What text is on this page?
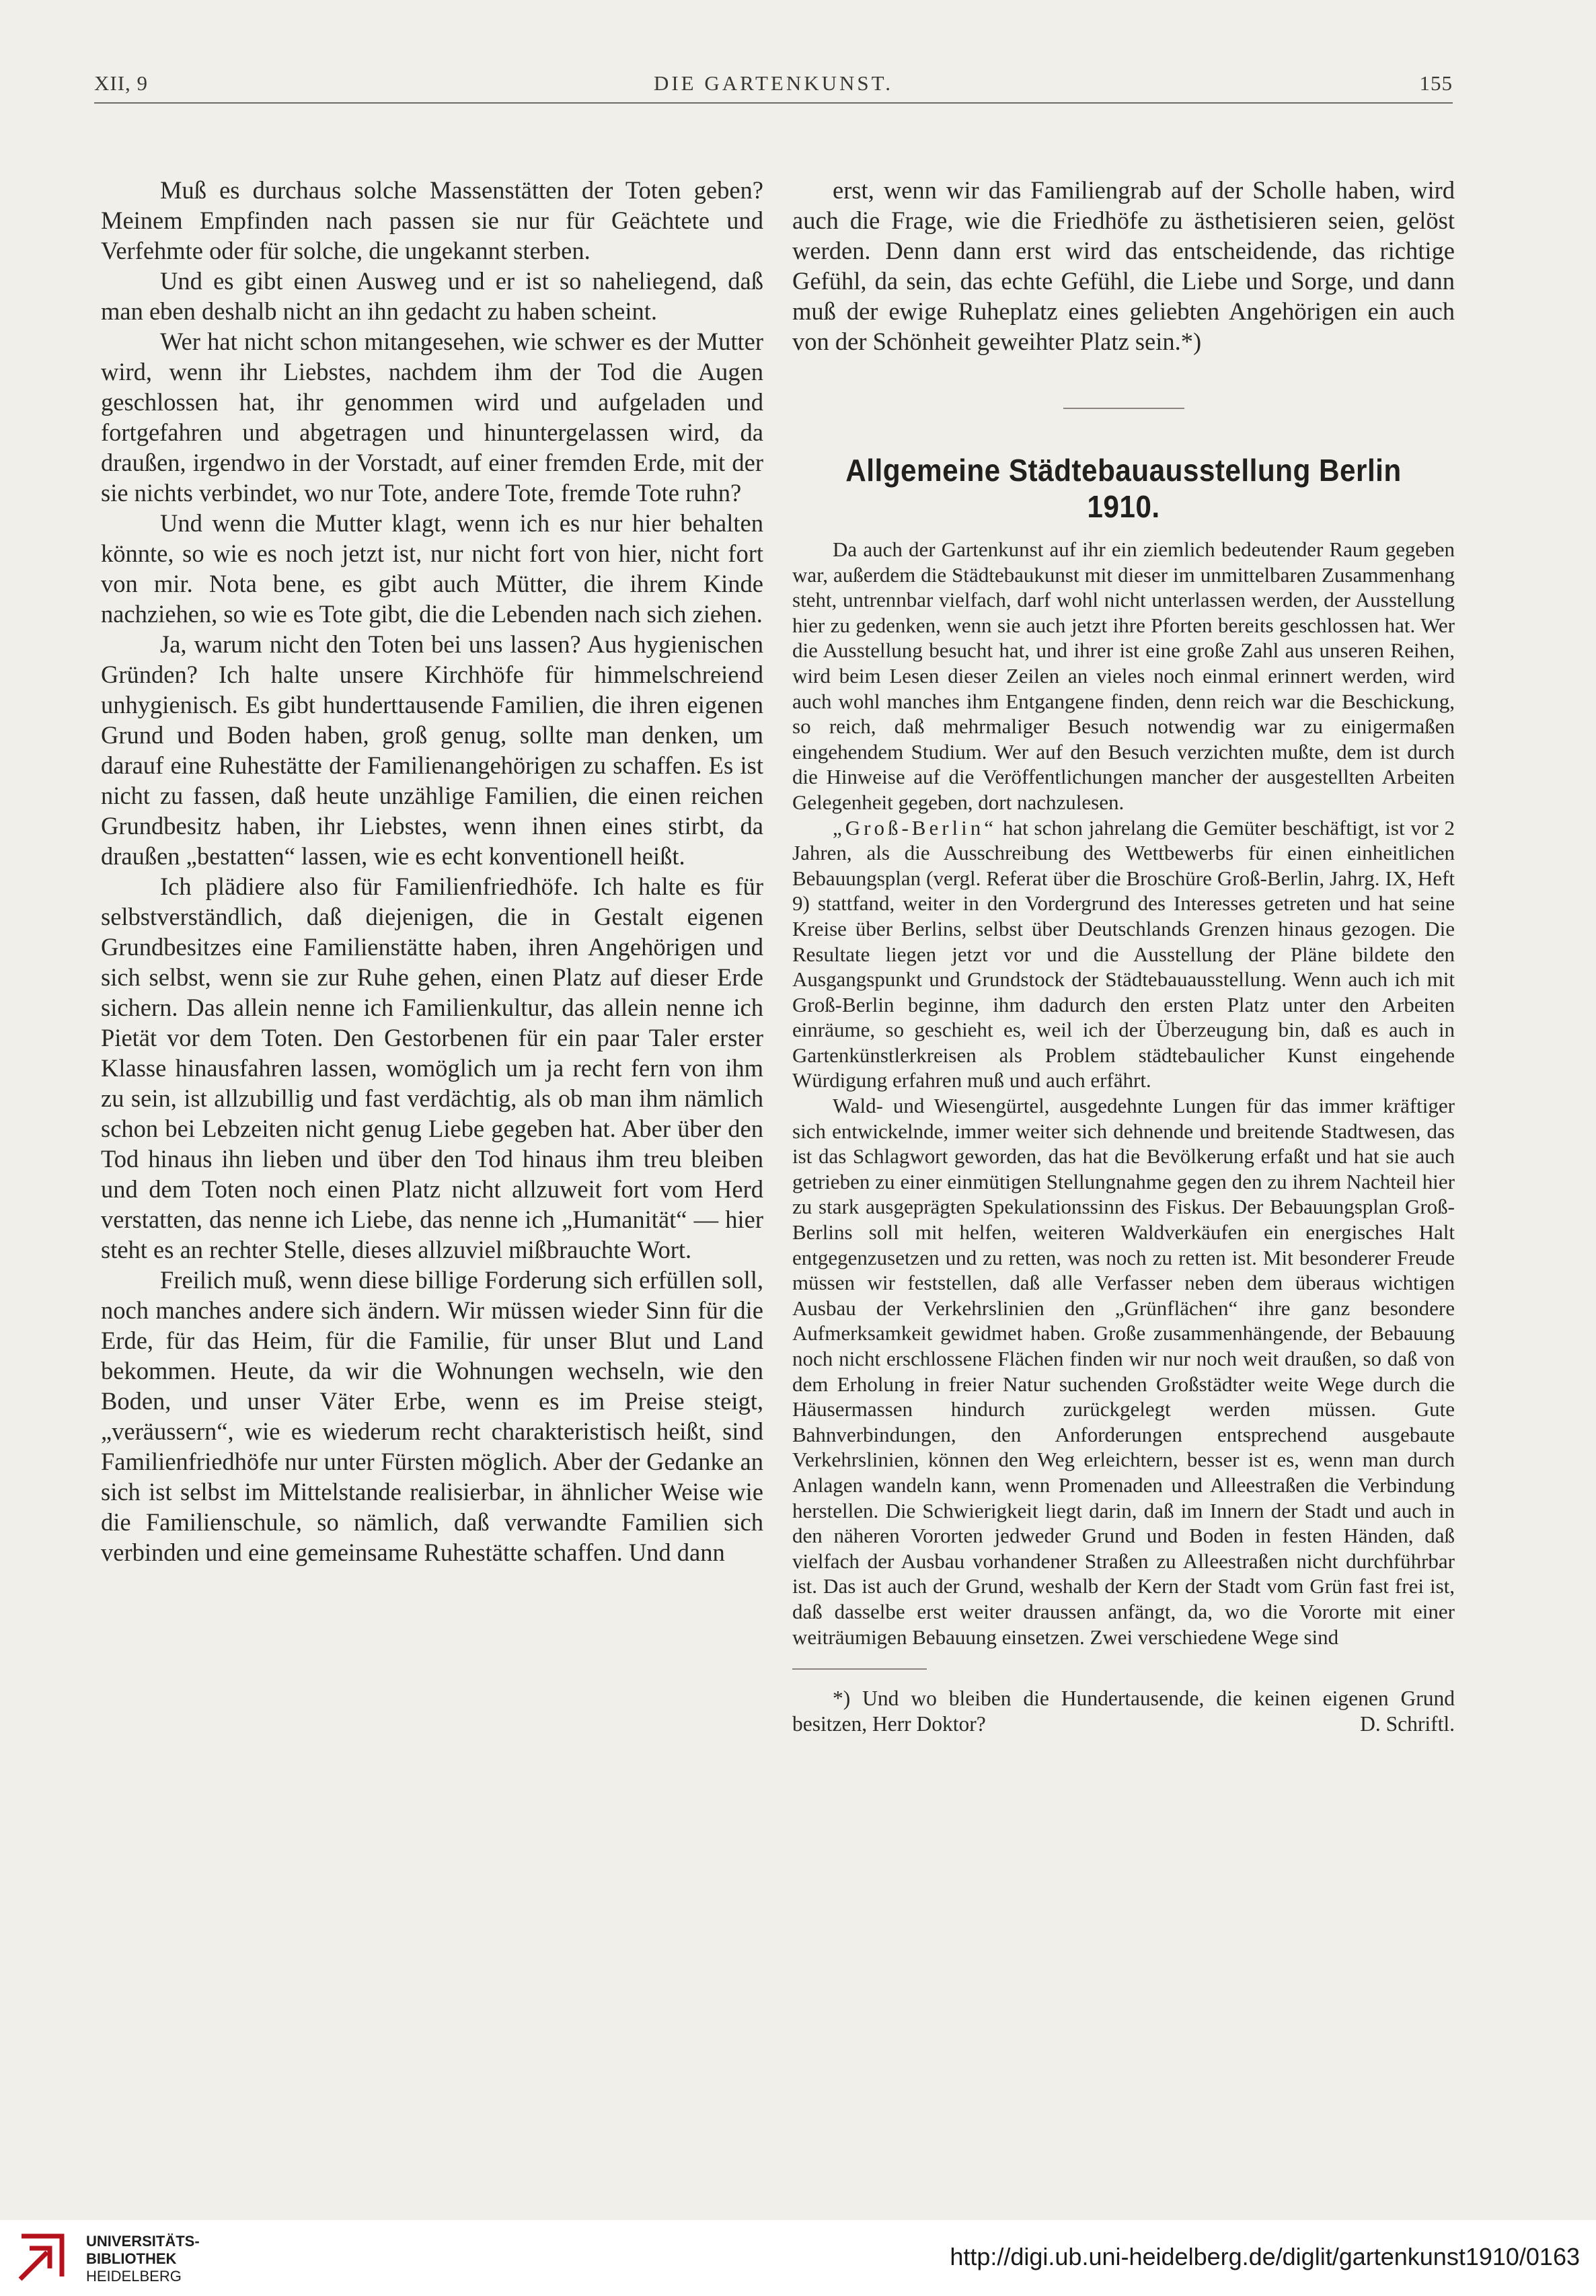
XII, 9	DIE GARTENKUNST.	155

Muß es durchaus solche Massenstätten der Toten geben? Meinem Empfinden nach passen sie nur für Geächtete und Verfehmte oder für solche, die ungekannt sterben.

Und es gibt einen Ausweg und er ist so naheliegend, daß man eben deshalb nicht an ihn gedacht zu haben scheint.

Wer hat nicht schon mitangesehen, wie schwer es der Mutter wird, wenn ihr Liebstes, nachdem ihm der Tod die Augen geschlossen hat, ihr genommen wird und aufgeladen und fortgefahren und abgetragen und hinuntergelassen wird, da draußen, irgendwo in der Vorstadt, auf einer fremden Erde, mit der sie nichts verbindet, wo nur Tote, andere Tote, fremde Tote ruhn?

Und wenn die Mutter klagt, wenn ich es nur hier behalten könnte, so wie es noch jetzt ist, nur nicht fort von hier, nicht fort von mir. Nota bene, es gibt auch Mütter, die ihrem Kinde nachziehen, so wie es Tote gibt, die die Lebenden nach sich ziehen.

Ja, warum nicht den Toten bei uns lassen? Aus hygienischen Gründen? Ich halte unsere Kirchhöfe für himmelschreiend unhygienisch. Es gibt hunderttausende Familien, die ihren eigenen Grund und Boden haben, groß genug, sollte man denken, um darauf eine Ruhestätte der Familienangehörigen zu schaffen. Es ist nicht zu fassen, daß heute unzählige Familien, die einen reichen Grundbesitz haben, ihr Liebstes, wenn ihnen eines stirbt, da draußen „bestatten“ lassen, wie es echt konventionell heißt.

Ich plädiere also für Familienfriedhöfe. Ich halte es für selbstverständlich, daß diejenigen, die in Gestalt eigenen Grundbesitzes eine Familienstätte haben, ihren Angehörigen und sich selbst, wenn sie zur Ruhe gehen, einen Platz auf dieser Erde sichern. Das allein nenne ich Familienkultur, das allein nenne ich Pietät vor dem Toten. Den Gestorbenen für ein paar Taler erster Klasse hinausfahren lassen, womöglich um ja recht fern von ihm zu sein, ist allzubillig und fast verdächtig, als ob man ihm nämlich schon bei Lebzeiten nicht genug Liebe gegeben hat. Aber über den Tod hinaus ihn lieben und über den Tod hinaus ihm treu bleiben und dem Toten noch einen Platz nicht allzuweit fort vom Herd verstatten, das nenne ich Liebe, das nenne ich „Humanität“ — hier steht es an rechter Stelle, dieses allzuviel mißbrauchte Wort.

Freilich muß, wenn diese billige Forderung sich erfüllen soll, noch manches andere sich ändern. Wir müssen wieder Sinn für die Erde, für das Heim, für die Familie, für unser Blut und Land bekommen. Heute, da wir die Wohnungen wechseln, wie den Boden, und unser Väter Erbe, wenn es im Preise steigt, „veräussern“, wie es wiederum recht charakteristisch heißt, sind Familienfriedhöfe nur unter Fürsten möglich. Aber der Gedanke an sich ist selbst im Mittelstande realisierbar, in ähnlicher Weise wie die Familienschule, so nämlich, daß verwandte Familien sich verbinden und eine gemeinsame Ruhestätte schaffen. Und dann

erst, wenn wir das Familiengrab auf der Scholle haben, wird auch die Frage, wie die Friedhöfe zu ästhetisieren seien, gelöst werden. Denn dann erst wird das entscheidende, das richtige Gefühl, da sein, das echte Gefühl, die Liebe und Sorge, und dann muß der ewige Ruheplatz eines geliebten Angehörigen ein auch von der Schönheit geweihter Platz sein.*)

Allgemeine Städtebauausstellung Berlin 1910.

Da auch der Gartenkunst auf ihr ein ziemlich bedeutender Raum gegeben war, außerdem die Städtebaukunst mit dieser im unmittelbaren Zusammenhang steht, untrennbar vielfach, darf wohl nicht unterlassen werden, der Ausstellung hier zu gedenken, wenn sie auch jetzt ihre Pforten bereits geschlossen hat. Wer die Ausstellung besucht hat, und ihrer ist eine große Zahl aus unseren Reihen, wird beim Lesen dieser Zeilen an vieles noch einmal erinnert werden, wird auch wohl manches ihm Entgangene finden, denn reich war die Beschickung, so reich, daß mehrmaliger Besuch notwendig war zu einigermaßen eingehendem Studium. Wer auf den Besuch verzichten mußte, dem ist durch die Hinweise auf die Veröffentlichungen mancher der ausgestellten Arbeiten Gelegenheit gegeben, dort nachzulesen.

„Groß-Berlin“ hat schon jahrelang die Gemüter beschäftigt, ist vor 2 Jahren, als die Ausschreibung des Wettbewerbs für einen einheitlichen Bebauungsplan (vergl. Referat über die Broschüre Groß-Berlin, Jahrg. IX, Heft 9) stattfand, weiter in den Vordergrund des Interesses getreten und hat seine Kreise über Berlins, selbst über Deutschlands Grenzen hinaus gezogen. Die Resultate liegen jetzt vor und die Ausstellung der Pläne bildete den Ausgangspunkt und Grundstock der Städtebauausstellung. Wenn auch ich mit Groß-Berlin beginne, ihm dadurch den ersten Platz unter den Arbeiten einräume, so geschieht es, weil ich der Überzeugung bin, daß es auch in Gartenkünstlerkreisen als Problem städtebaulicher Kunst eingehende Würdigung erfahren muß und auch erfährt.

Wald- und Wiesengürtel, ausgedehnte Lungen für das immer kräftiger sich entwickelnde, immer weiter sich dehnende und breitende Stadtwesen, das ist das Schlagwort geworden, das hat die Bevölkerung erfaßt und hat sie auch getrieben zu einer einmütigen Stellungnahme gegen den zu ihrem Nachteil hier zu stark ausgeprägten Spekulationssinn des Fiskus. Der Bebauungsplan Groß-Berlins soll mit helfen, weiteren Waldverkäufen ein energisches Halt entgegenzusetzen und zu retten, was noch zu retten ist. Mit besonderer Freude müssen wir feststellen, daß alle Verfasser neben dem überaus wichtigen Ausbau der Verkehrslinien den „Grünflächen“ ihre ganz besondere Aufmerksamkeit gewidmet haben. Große zusammenhängende, der Bebauung noch nicht erschlossene Flächen finden wir nur noch weit draußen, so daß von dem Erholung in freier Natur suchenden Großstädter weite Wege durch die Häusermassen hindurch zurückgelegt werden müssen. Gute Bahnverbindungen, den Anforderungen entsprechend ausgebaute Verkehrslinien, können den Weg erleichtern, besser ist es, wenn man durch Anlagen wandeln kann, wenn Promenaden und Alleestraßen die Verbindung herstellen. Die Schwierigkeit liegt darin, daß im Innern der Stadt und auch in den näheren Vororten jedweder Grund und Boden in festen Händen, daß vielfach der Ausbau vorhandener Straßen zu Alleestraßen nicht durchführbar ist. Das ist auch der Grund, weshalb der Kern der Stadt vom Grün fast frei ist, daß dasselbe erst weiter draussen anfängt, da, wo die Vororte mit einer weiträumigen Bebauung einsetzen. Zwei verschiedene Wege sind

*) Und wo bleiben die Hundertausende, die keinen eigenen Grund besitzen, Herr Doktor?	D. Schriftl.

UNIVERSITÄTS-
BIBLIOTHEK
HEIDELBERG
http://digi.ub.uni-heidelberg.de/diglit/gartenkunst1910/0163
